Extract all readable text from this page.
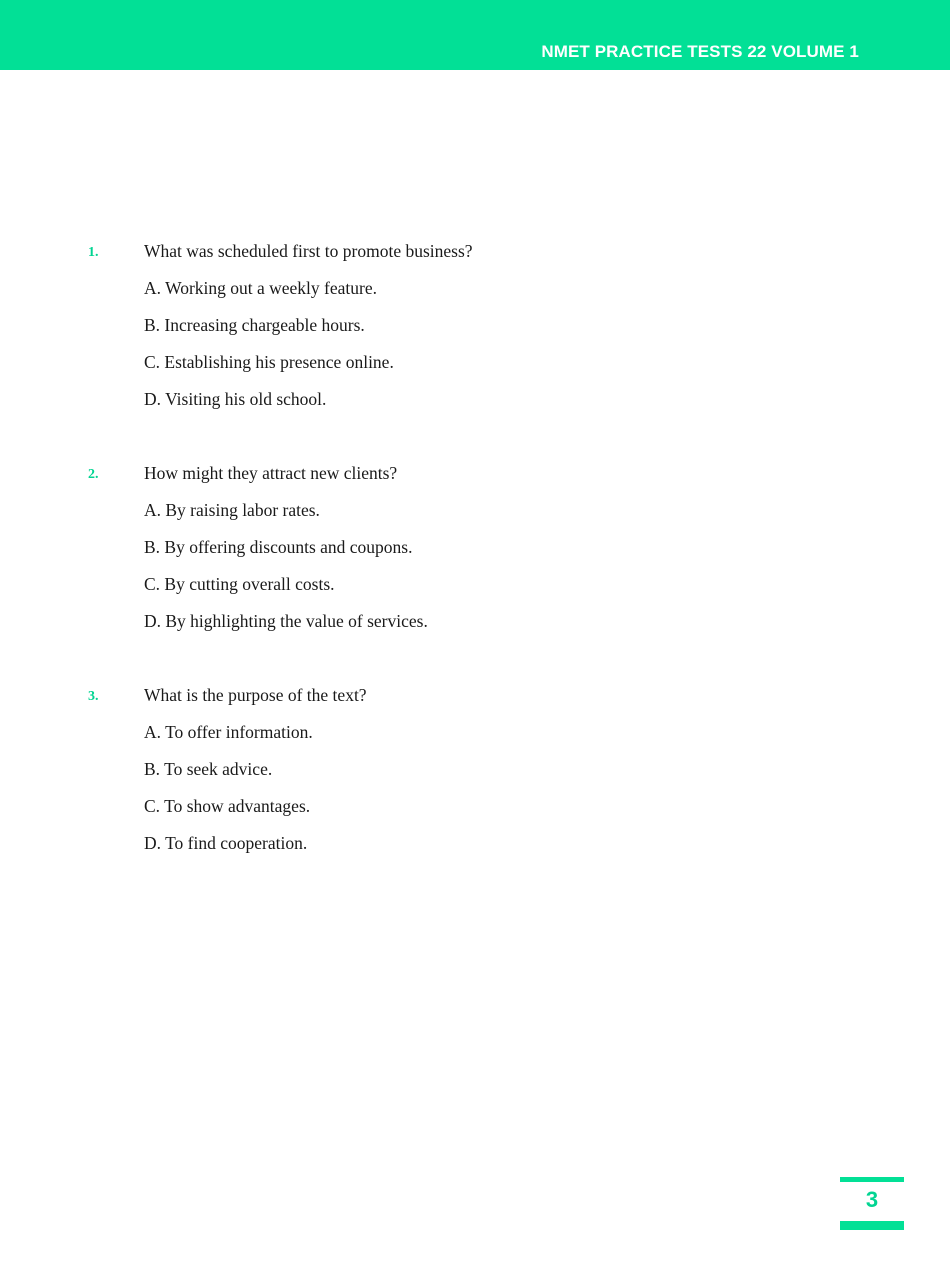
NMET PRACTICE TESTS 22 VOLUME 1
1.	What was scheduled first to promote business?
A. Working out a weekly feature.
B. Increasing chargeable hours.
C. Establishing his presence online.
D. Visiting his old school.
2.	How might they attract new clients?
A. By raising labor rates.
B. By offering discounts and coupons.
C. By cutting overall costs.
D. By highlighting the value of services.
3.	What is the purpose of the text?
A. To offer information.
B. To seek advice.
C. To show advantages.
D. To find cooperation.
3
